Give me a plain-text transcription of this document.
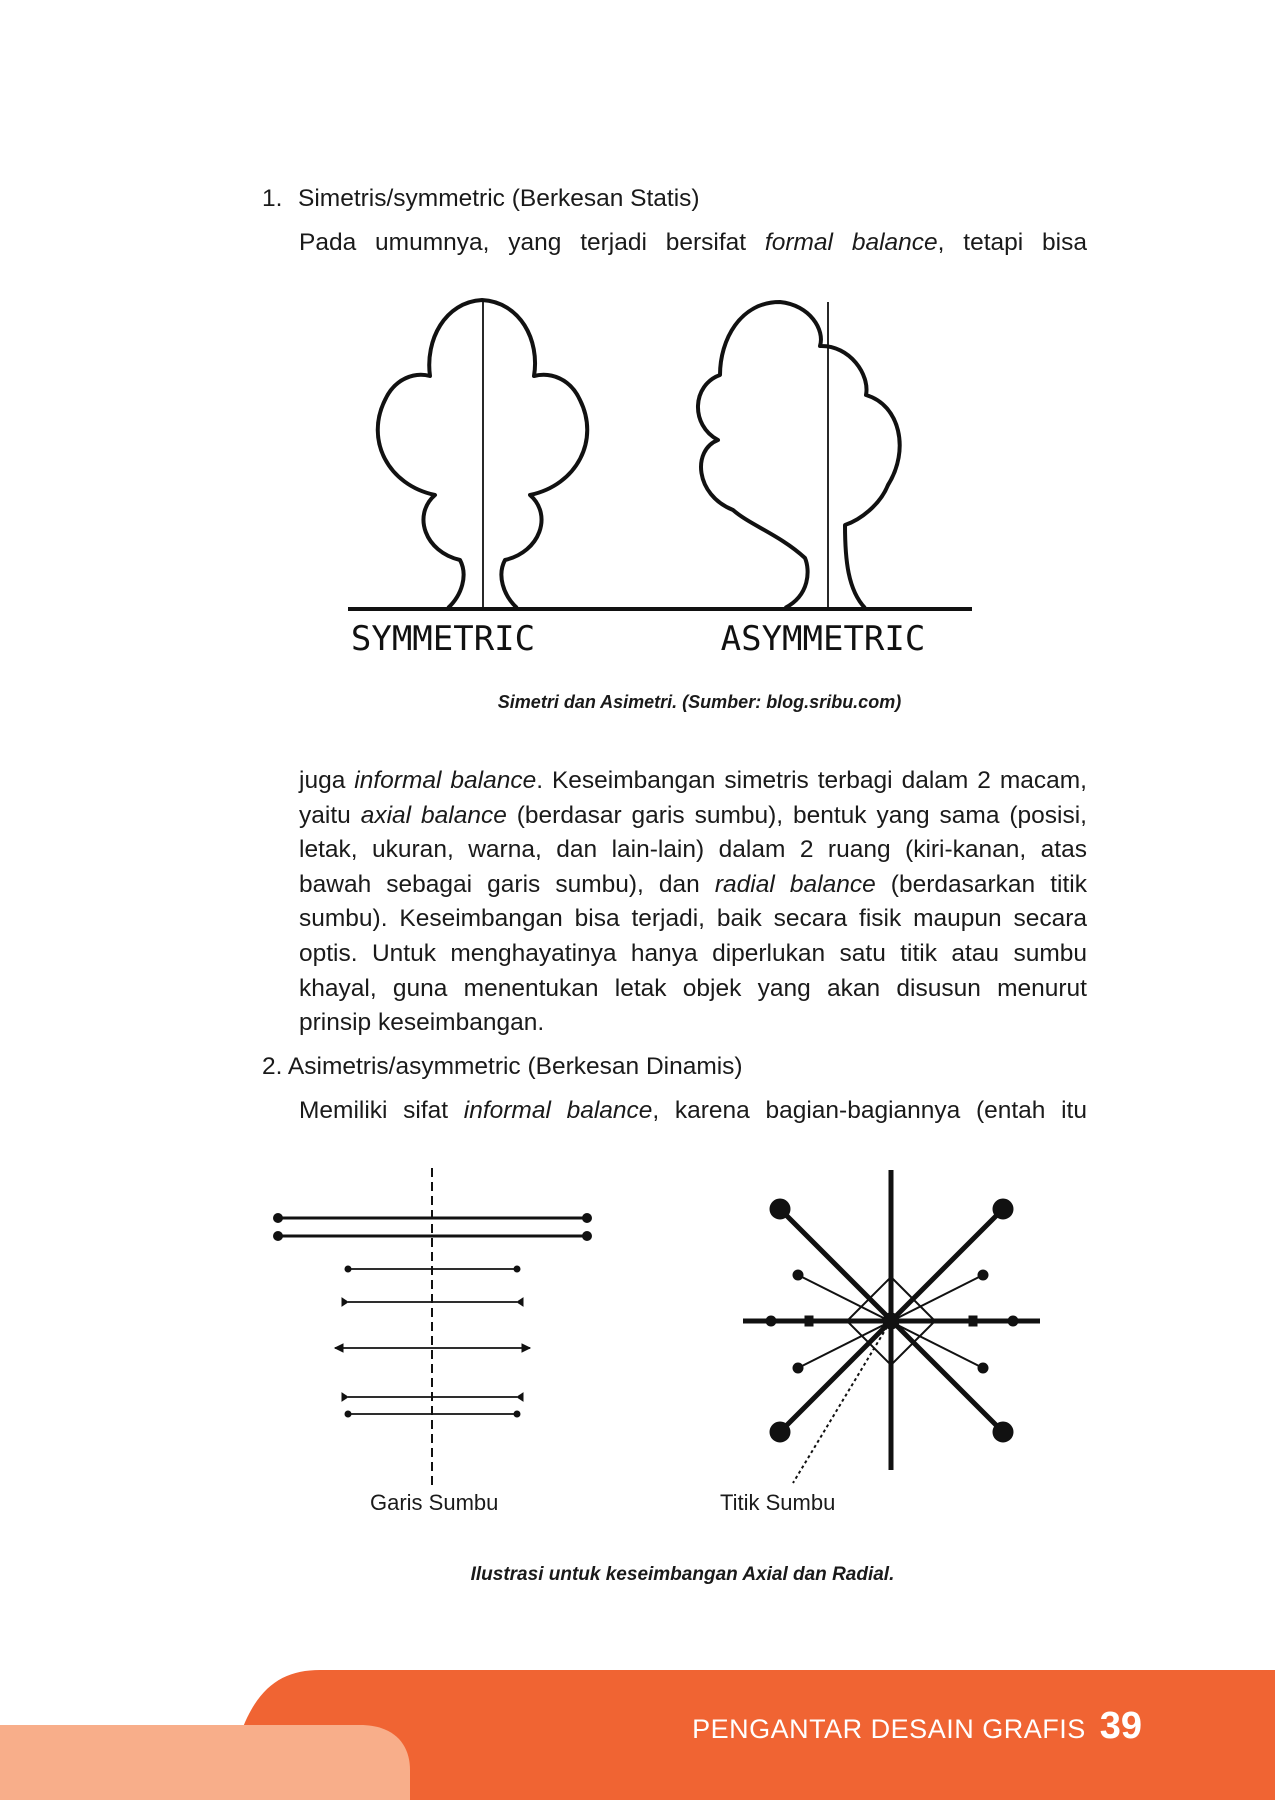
1. Simetris/symmetric (Berkesan Statis)
Pada umumnya, yang terjadi bersifat formal balance, tetapi bisa
SYMMETRIC	ASYMMETRIC
Simetri dan Asimetri. (Sumber: blog.sribu.com)
juga informal balance. Keseimbangan simetris terbagi dalam 2 macam, yaitu axial balance (berdasar garis sumbu), bentuk yang sama (posisi, letak, ukuran, warna, dan lain-lain) dalam 2 ruang (kiri-kanan, atas bawah sebagai garis sumbu), dan radial balance (berdasarkan titik sumbu). Keseimbangan bisa terjadi, baik secara fisik maupun secara optis. Untuk menghayatinya hanya diperlukan satu titik atau sumbu khayal, guna menentukan letak objek yang akan disusun menurut prinsip keseimbangan.
2. Asimetris/asymmetric (Berkesan Dinamis)
Memiliki sifat informal balance, karena bagian-bagiannya (entah itu
Garis Sumbu	Titik Sumbu
Ilustrasi untuk keseimbangan Axial dan Radial.
PENGANTAR DESAIN GRAFIS 39
